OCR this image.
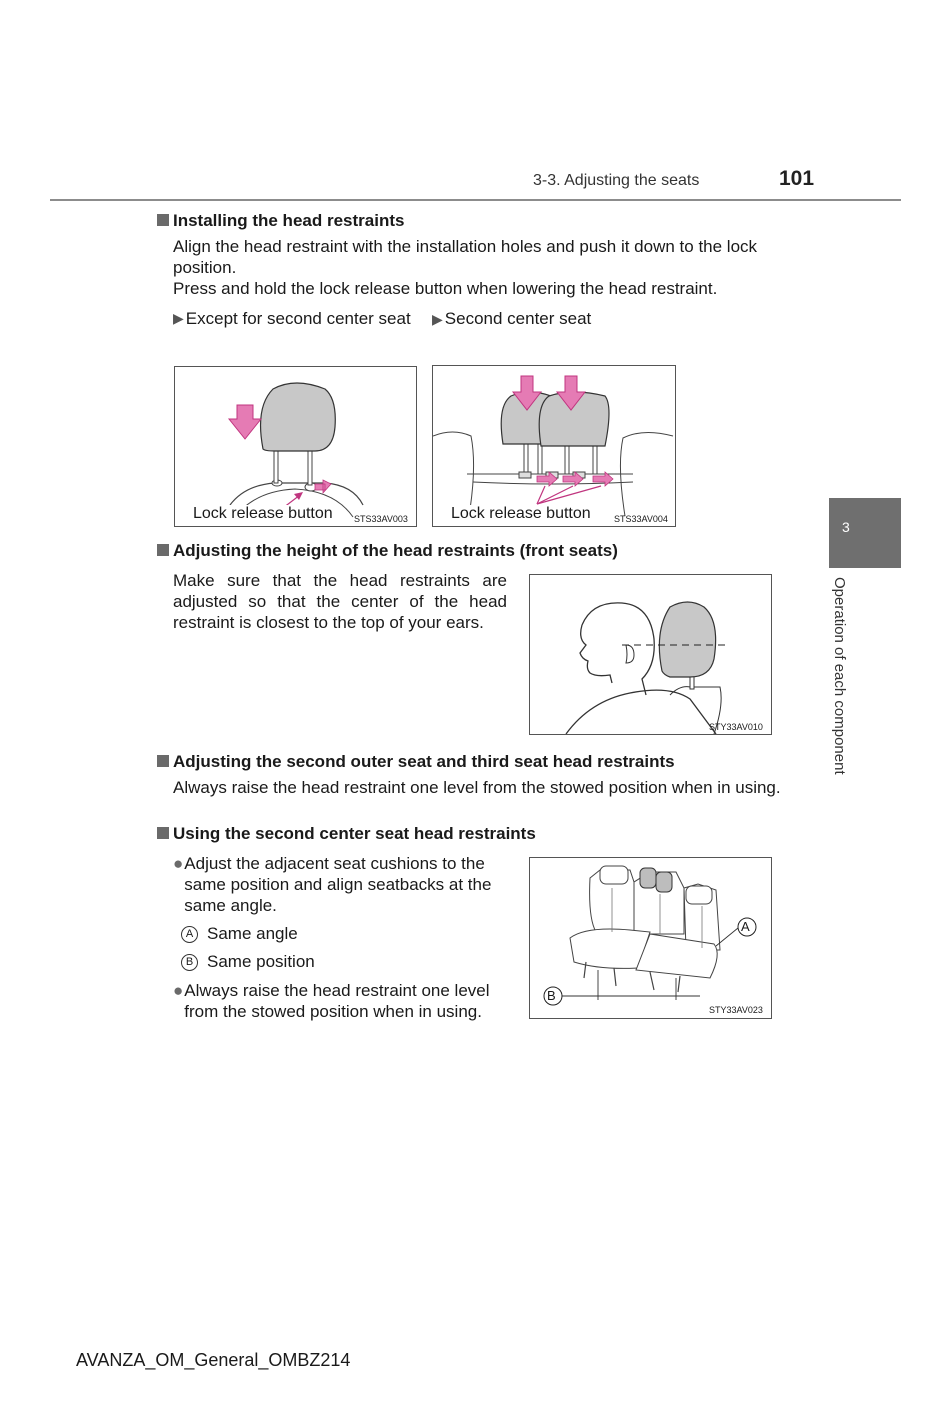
3-3. Adjusting the seats	101
3
Operation of each component
Installing the head restraints
Align the head restraint with the installation holes and push it down to the lock position.
Press and hold the lock release button when lowering the head restraint.
▶ Except for second center seat ▶ Second center seat
Lock release button STS33AV003	Lock release button	STS33AV004
Adjusting the height of the head restraints (front seats)
Make sure that the head restraints are adjusted so that the center of the head restraint is closest to the top of your ears.
STY33AV010
Adjusting the second outer seat and third seat head restraints
Always raise the head restraint one level from the stowed position when in using.
Using the second center seat head restraints
● Adjust the adjacent seat cushions to the same position and align seatbacks at the same angle.
A Same angle
B Same position
● Always raise the head restraint one level from the stowed position when in using.
A
B
STY33AV023
AVANZA_OM_General_OMBZ214
